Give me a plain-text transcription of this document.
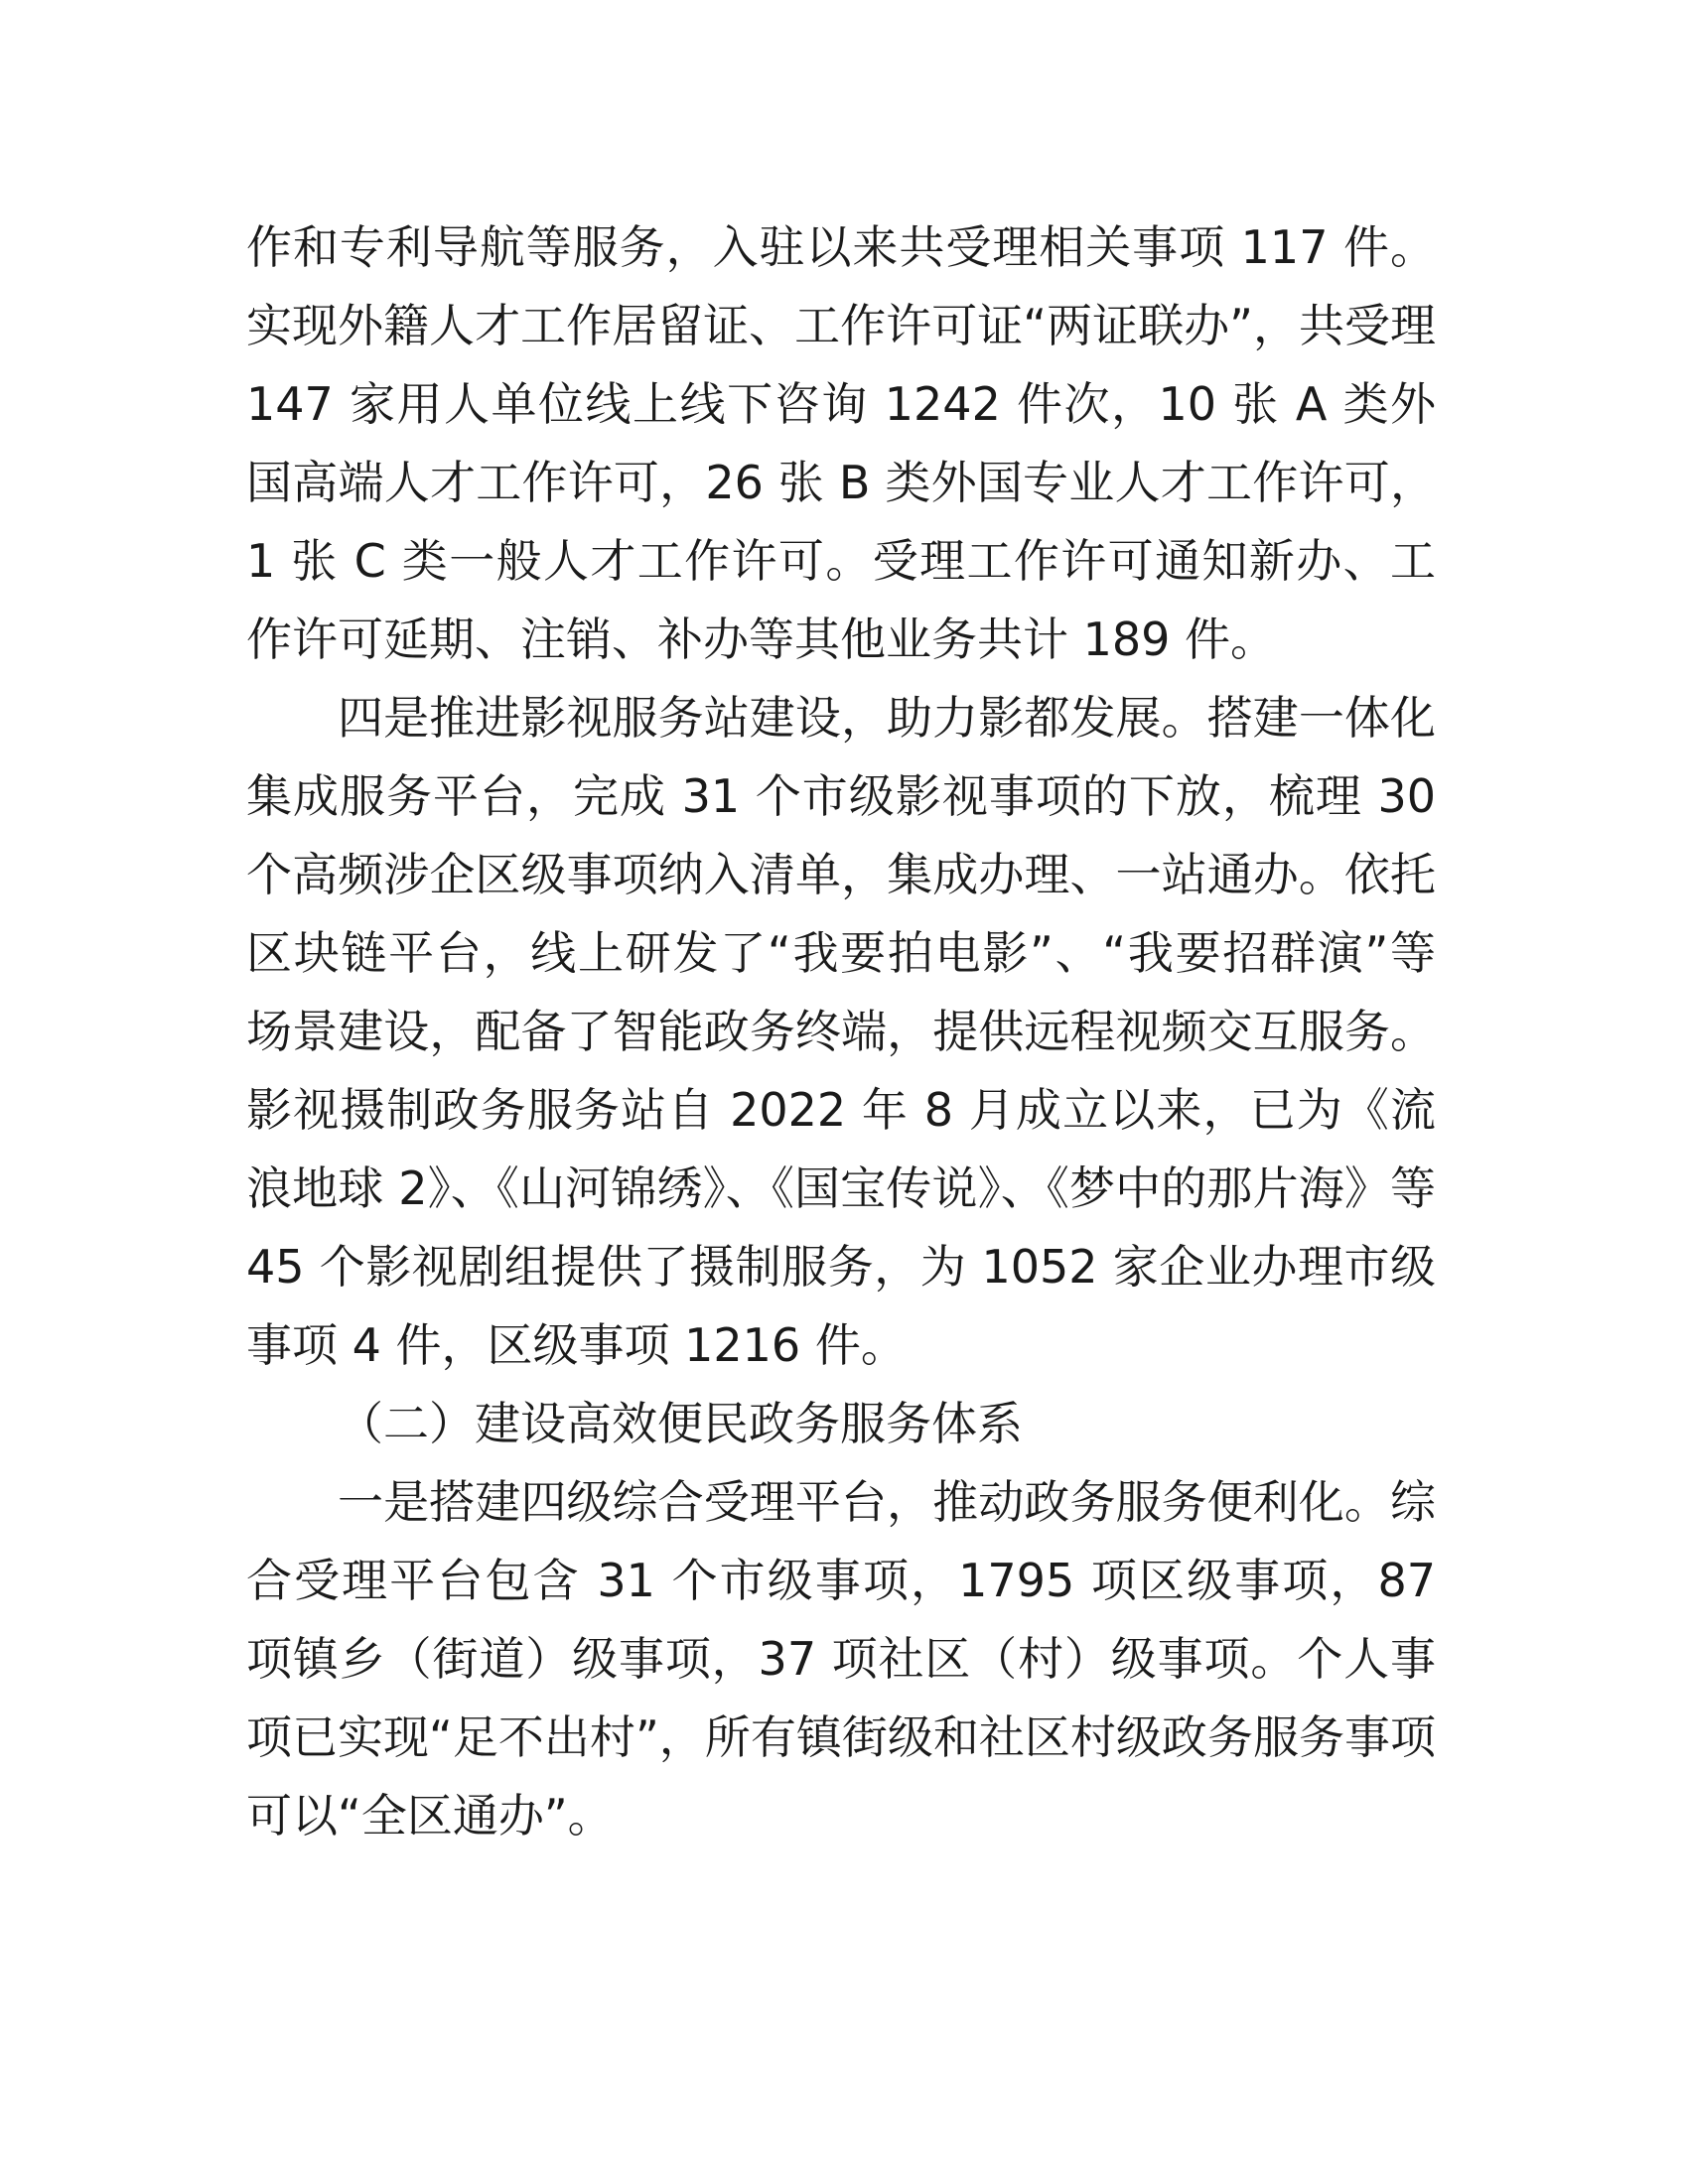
作和专利导航等服务，入驻以来共受理相关事项 117 件。实现外籍人才工作居留证、工作许可证“两证联办”，共受理 147 家用人单位线上线下咨询 1242 件次，10 张 A 类外国高端人才工作许可，26 张 B 类外国专业人才工作许可，1 张 C 类一般人才工作许可。受理工作许可通知新办、工作许可延期、注销、补办等其他业务共计 189 件。

四是推进影视服务站建设，助力影都发展。搭建一体化集成服务平台，完成 31 个市级影视事项的下放，梳理 30 个高频涉企区级事项纳入清单，集成办理、一站通办。依托区块链平台，线上研发了“我要拍电影”、“我要招群演”等场景建设，配备了智能政务终端，提供远程视频交互服务。影视摄制政务服务站自 2022 年 8 月成立以来，已为《流浪地球 2》、《山河锦绣》、《国宝传说》、《梦中的那片海》等 45 个影视剧组提供了摄制服务，为 1052 家企业办理市级事项 4 件，区级事项 1216 件。

（二）建设高效便民政务服务体系

一是搭建四级综合受理平台，推动政务服务便利化。综合受理平台包含 31 个市级事项，1795 项区级事项，87 项镇乡（街道）级事项，37 项社区（村）级事项。个人事项已实现“足不出村”，所有镇街级和社区村级政务服务事项可以“全区通办”。
